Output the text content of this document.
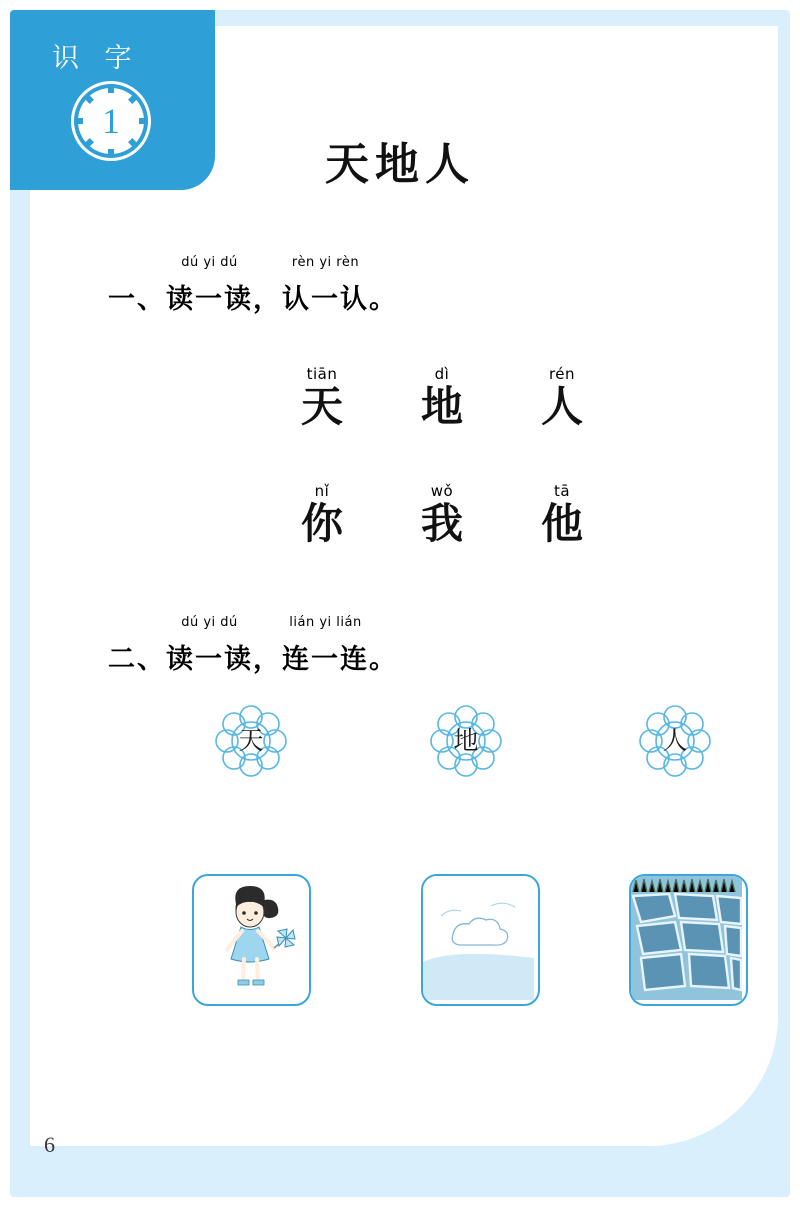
识 字
1
天地人
一、
dú yi dú
读一读，
rèn yi rèn
认一认。
tiān
天
dì
地
rén
人
nǐ
你
wǒ
我
tā
他
二、
dú yi dú
读一读，
lián yi lián
连一连。
天	地	人
6
